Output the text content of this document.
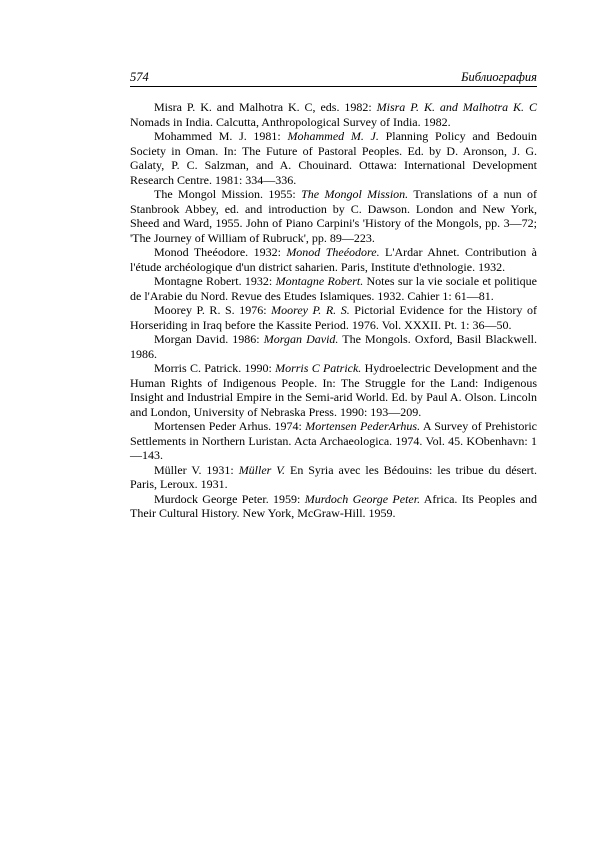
574	Библиография

Misra P. K. and Malhotra K. C, eds. 1982: Misra P. K. and Malhotra K. C Nomads in India. Calcutta, Anthropological Survey of India. 1982.

Mohammed M. J. 1981: Mohammed M. J. Planning Policy and Bedouin Society in Oman. In: The Future of Pastoral Peoples. Ed. by D. Aronson, J. G. Galaty, P. C. Salzman, and A. Chouinard. Ottawa: International Development Research Centre. 1981: 334—336.

The Mongol Mission. 1955: The Mongol Mission. Translations of a nun of Stanbrook Abbey, ed. and introduction by C. Dawson. London and New York, Sheed and Ward, 1955. John of Piano Carpini's 'History of the Mongols, pp. 3—72; 'The Journey of William of Rubruck', pp. 89—223.

Monod Theéodore. 1932: Monod Theéodore. L'Ardar Ahnet. Contribution à l'étude archéologique d'un district saharien. Paris, Institute d'ethnologie. 1932.

Montagne Robert. 1932: Montagne Robert. Notes sur la vie sociale et politique de l'Arabie du Nord. Revue des Etudes Islamiques. 1932. Cahier 1: 61—81.

Moorey P. R. S. 1976: Moorey P. R. S. Pictorial Evidence for the History of Horseriding in Iraq before the Kassite Period. 1976. Vol. XXXII. Pt. 1: 36—50.

Morgan David. 1986: Morgan David. The Mongols. Oxford, Basil Blackwell. 1986.

Morris C. Patrick. 1990: Morris C Patrick. Hydroelectric Development and the Human Rights of Indigenous People. In: The Struggle for the Land: Indigenous Insight and Industrial Empire in the Semi-arid World. Ed. by Paul A. Olson. Lincoln and London, University of Nebraska Press. 1990: 193—209.

Mortensen Peder Arhus. 1974: Mortensen PederArhus. A Survey of Prehistoric Settlements in Northern Luristan. Acta Archaeologica. 1974. Vol. 45. KObenhavn: 1—143.

Müller V. 1931: Müller V. En Syria avec les Bédouins: les tribue du désert. Paris, Leroux. 1931.

Murdock George Peter. 1959: Murdoch George Peter. Africa. Its Peoples and Their Cultural History. New York, McGraw-Hill. 1959.
